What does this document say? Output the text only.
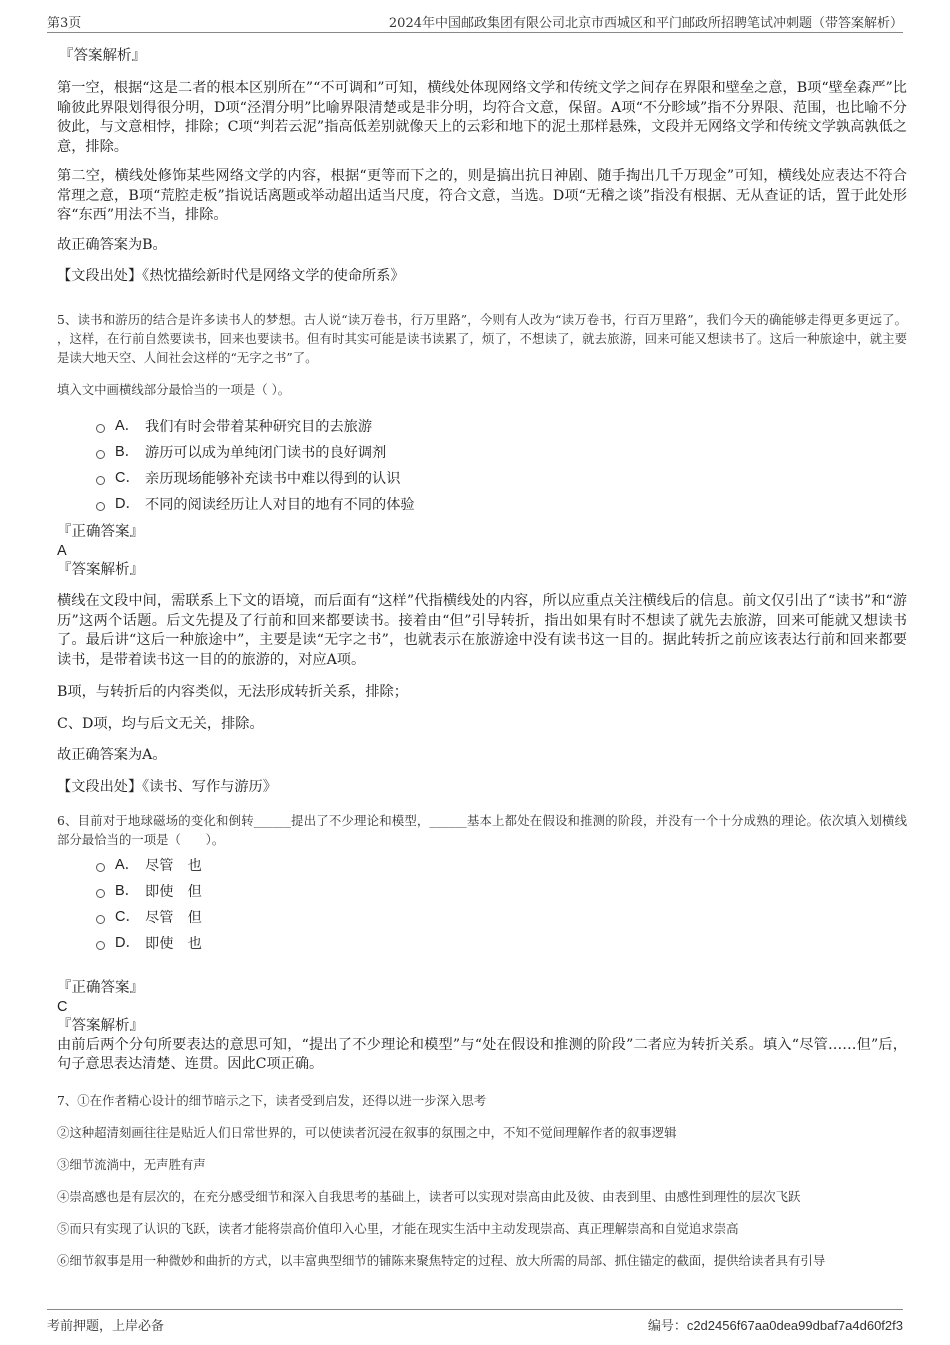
第3页	2024年中国邮政集团有限公司北京市西城区和平门邮政所招聘笔试冲刺题（带答案解析）
『答案解析』

第一空，根据“这是二者的根本区别所在”“不可调和”可知，横线处体现网络文学和传统文学之间存在界限和壁垒之意，B项“壁垒森严”比喻彼此界限划得很分明，D项“泾渭分明”比喻界限清楚或是非分明，均符合文意，保留。A项“不分畛域”指不分界限、范围，也比喻不分彼此，与文意相悖，排除；C项“判若云泥”指高低差别就像天上的云彩和地下的泥土那样悬殊，文段并无网络文学和传统文学孰高孰低之意，排除。

第二空，横线处修饰某些网络文学的内容，根据“更等而下之的，则是搞出抗日神剧、随手掏出几千万现金”可知，横线处应表达不符合常理之意，B项“荒腔走板”指说话离题或举动超出适当尺度，符合文意，当选。D项“无稽之谈”指没有根据、无从查证的话，置于此处形容“东西”用法不当，排除。

故正确答案为B。

【文段出处】《热忱描绘新时代是网络文学的使命所系》

5、读书和游历的结合是许多读书人的梦想。古人说“读万卷书，行万里路”，今则有人改为“读万卷书，行百万里路”，我们今天的确能够走得更多更远了。 ，这样，在行前自然要读书，回来也要读书。但有时其实可能是读书读累了，烦了，不想读了，就去旅游，回来可能又想读书了。这后一种旅途中，就主要是读大地天空、人间社会这样的“无字之书”了。

填入文中画横线部分最恰当的一项是（ ）。

A． 我们有时会带着某种研究目的去旅游
B． 游历可以成为单纯闭门读书的良好调剂
C． 亲历现场能够补充读书中难以得到的认识
D． 不同的阅读经历让人对目的地有不同的体验
『正确答案』
A
『答案解析』

横线在文段中间，需联系上下文的语境，而后面有“这样”代指横线处的内容，所以应重点关注横线后的信息。前文仅引出了“读书”和“游历”这两个话题。后文先提及了行前和回来都要读书。接着由“但”引导转折，指出如果有时不想读了就先去旅游，回来可能就又想读书了。最后讲“这后一种旅途中”，主要是读“无字之书”，也就表示在旅游途中没有读书这一目的。据此转折之前应该表达行前和回来都要读书，是带着读书这一目的的旅游的，对应A项。

B项，与转折后的内容类似，无法形成转折关系，排除；

C、D项，均与后文无关，排除。

故正确答案为A。

【文段出处】《读书、写作与游历》

6、目前对于地球磁场的变化和倒转______提出了不少理论和模型，______基本上都处在假设和推测的阶段，并没有一个十分成熟的理论。依次填入划横线部分最恰当的一项是（　　）。

A． 尽管　也
B． 即使　但
C． 尽管　但
D． 即使　也
『正确答案』
C
『答案解析』

由前后两个分句所要表达的意思可知，“提出了不少理论和模型”与“处在假设和推测的阶段”二者应为转折关系。填入“尽管……但”后，句子意思表达清楚、连贯。因此C项正确。

7、①在作者精心设计的细节暗示之下，读者受到启发，还得以进一步深入思考

②这种超清刻画往往是贴近人们日常世界的，可以使读者沉浸在叙事的氛围之中，不知不觉间理解作者的叙事逻辑

③细节流淌中，无声胜有声

④崇高感也是有层次的，在充分感受细节和深入自我思考的基础上，读者可以实现对崇高由此及彼、由表到里、由感性到理性的层次飞跃

⑤而只有实现了认识的飞跃，读者才能将崇高价值印入心里，才能在现实生活中主动发现崇高、真正理解崇高和自觉追求崇高

⑥细节叙事是用一种微妙和曲折的方式，以丰富典型细节的铺陈来聚焦特定的过程、放大所需的局部、抓住锚定的截面，提供给读者具有引导

考前押题，上岸必备	编号：c2d2456f67aa0dea99dbaf7a4d60f2f3
